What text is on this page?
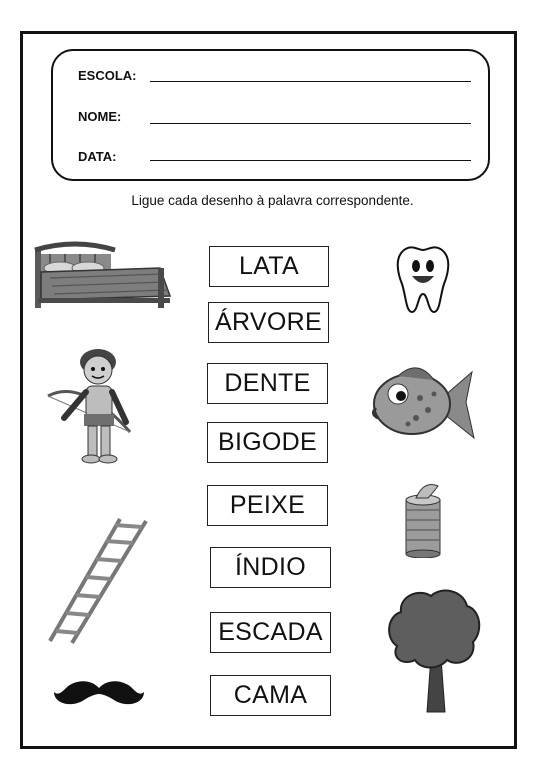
ESCOLA:
NOME:
DATA:
Ligue cada desenho à palavra correspondente.
LATA
ÁRVORE
DENTE
BIGODE
PEIXE
ÍNDIO
ESCADA
CAMA
